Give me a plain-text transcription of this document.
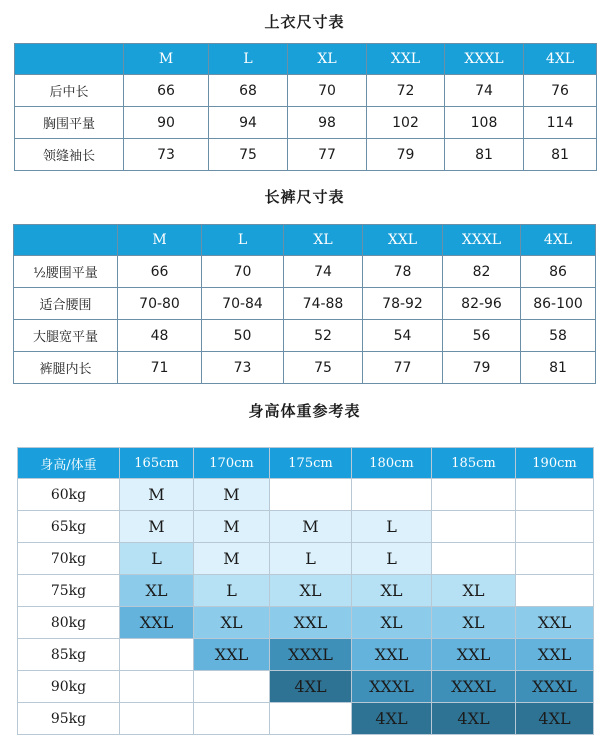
上衣尺寸表
	M	L	XL	XXL	XXXL	4XL
后中长	66	68	70	72	74	76
胸围平量	90	94	98	102	108	114
领缝袖长	73	75	77	79	81	81
长裤尺寸表
	M	L	XL	XXL	XXXL	4XL
½腰围平量	66	70	74	78	82	86
适合腰围	70-80	70-84	74-88	78-92	82-96	86-100
大腿宽平量	48	50	52	54	56	58
裤腿内长	71	73	75	77	79	81
身高体重参考表
身高/体重	165cm	170cm	175cm	180cm	185cm	190cm
60kg	M	M				
65kg	M	M	M	L		
70kg	L	M	L	L		
75kg	XL	L	XL	XL	XL	
80kg	XXL	XL	XXL	XL	XL	XXL
85kg		XXL	XXXL	XXL	XXL	XXL
90kg			4XL	XXXL	XXXL	XXXL
95kg				4XL	4XL	4XL
